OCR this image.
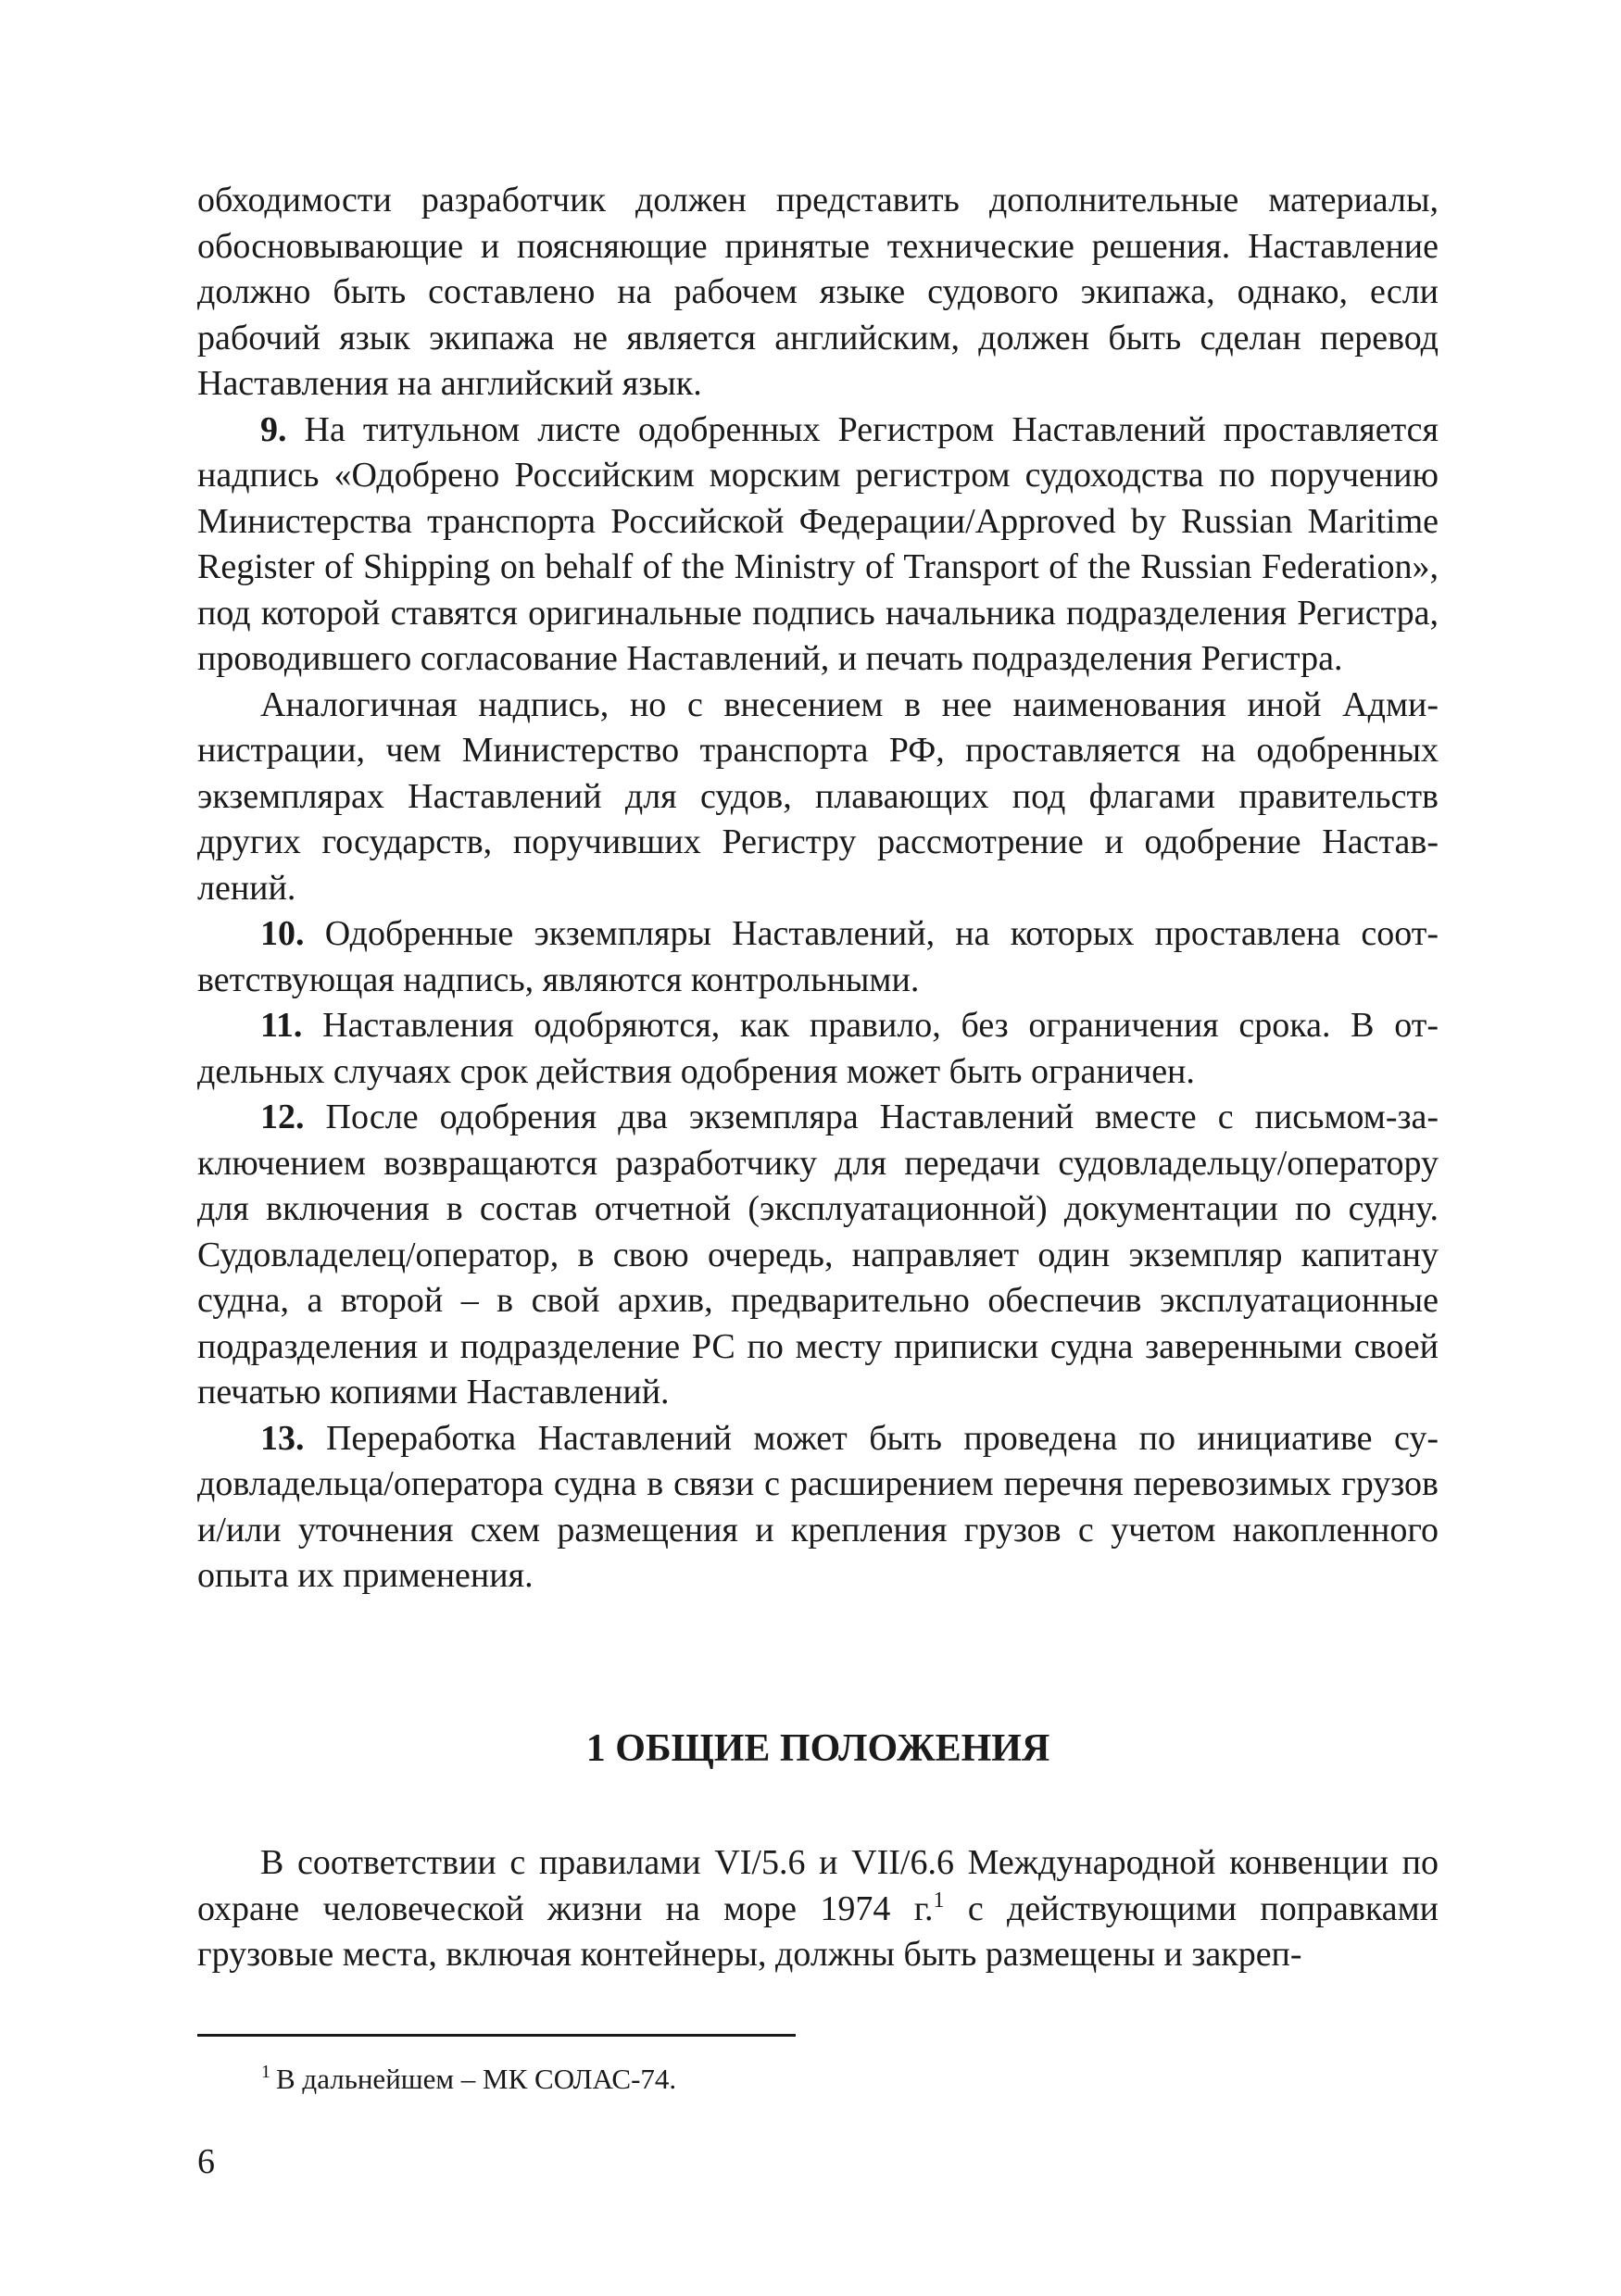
обходимости разработчик должен представить дополнительные материалы, обосновывающие и поясняющие принятые технические решения. Наставление должно быть составлено на рабочем языке судового экипажа, однако, если рабочий язык экипажа не является английским, должен быть сделан перевод Наставления на английский язык.

9. На титульном листе одобренных Регистром Наставлений проставляется надпись «Одобрено Российским морским регистром судоходства по поручению Министерства транспорта Российской Федерации/Approved by Russian Maritime Register of Shipping on behalf of the Ministry of Transport of the Russian Federation», под которой ставятся оригинальные подпись начальника подразделения Регистра, проводившего согласование Наставлений, и печать подразделения Регистра.

Аналогичная надпись, но с внесением в нее наименования иной Администрации, чем Министерство транспорта РФ, проставляется на одобренных экземплярах Наставлений для судов, плавающих под флагами правительств других государств, поручивших Регистру рассмотрение и одобрение Наставлений.

10. Одобренные экземпляры Наставлений, на которых проставлена соответствующая надпись, являются контрольными.

11. Наставления одобряются, как правило, без ограничения срока. В отдельных случаях срок действия одобрения может быть ограничен.

12. После одобрения два экземпляра Наставлений вместе с письмом-заключением возвращаются разработчику для передачи судовладельцу/оператору для включения в состав отчетной (эксплуатационной) документации по судну. Судовладелец/оператор, в свою очередь, направляет один экземпляр капитану судна, а второй – в свой архив, предварительно обеспечив эксплуатационные подразделения и подразделение РС по месту приписки судна заверенными своей печатью копиями Наставлений.

13. Переработка Наставлений может быть проведена по инициативе судовладельца/оператора судна в связи с расширением перечня перевозимых грузов и/или уточнения схем размещения и крепления грузов с учетом накопленного опыта их применения.

1 ОБЩИЕ ПОЛОЖЕНИЯ

В соответствии с правилами VI/5.6 и VII/6.6 Международной конвенции по охране человеческой жизни на море 1974 г.$^1$ с действующими поправками грузовые места, включая контейнеры, должны быть размещены и закреп-

$^1$ В дальнейшем – МК СОЛАС-74.
6
